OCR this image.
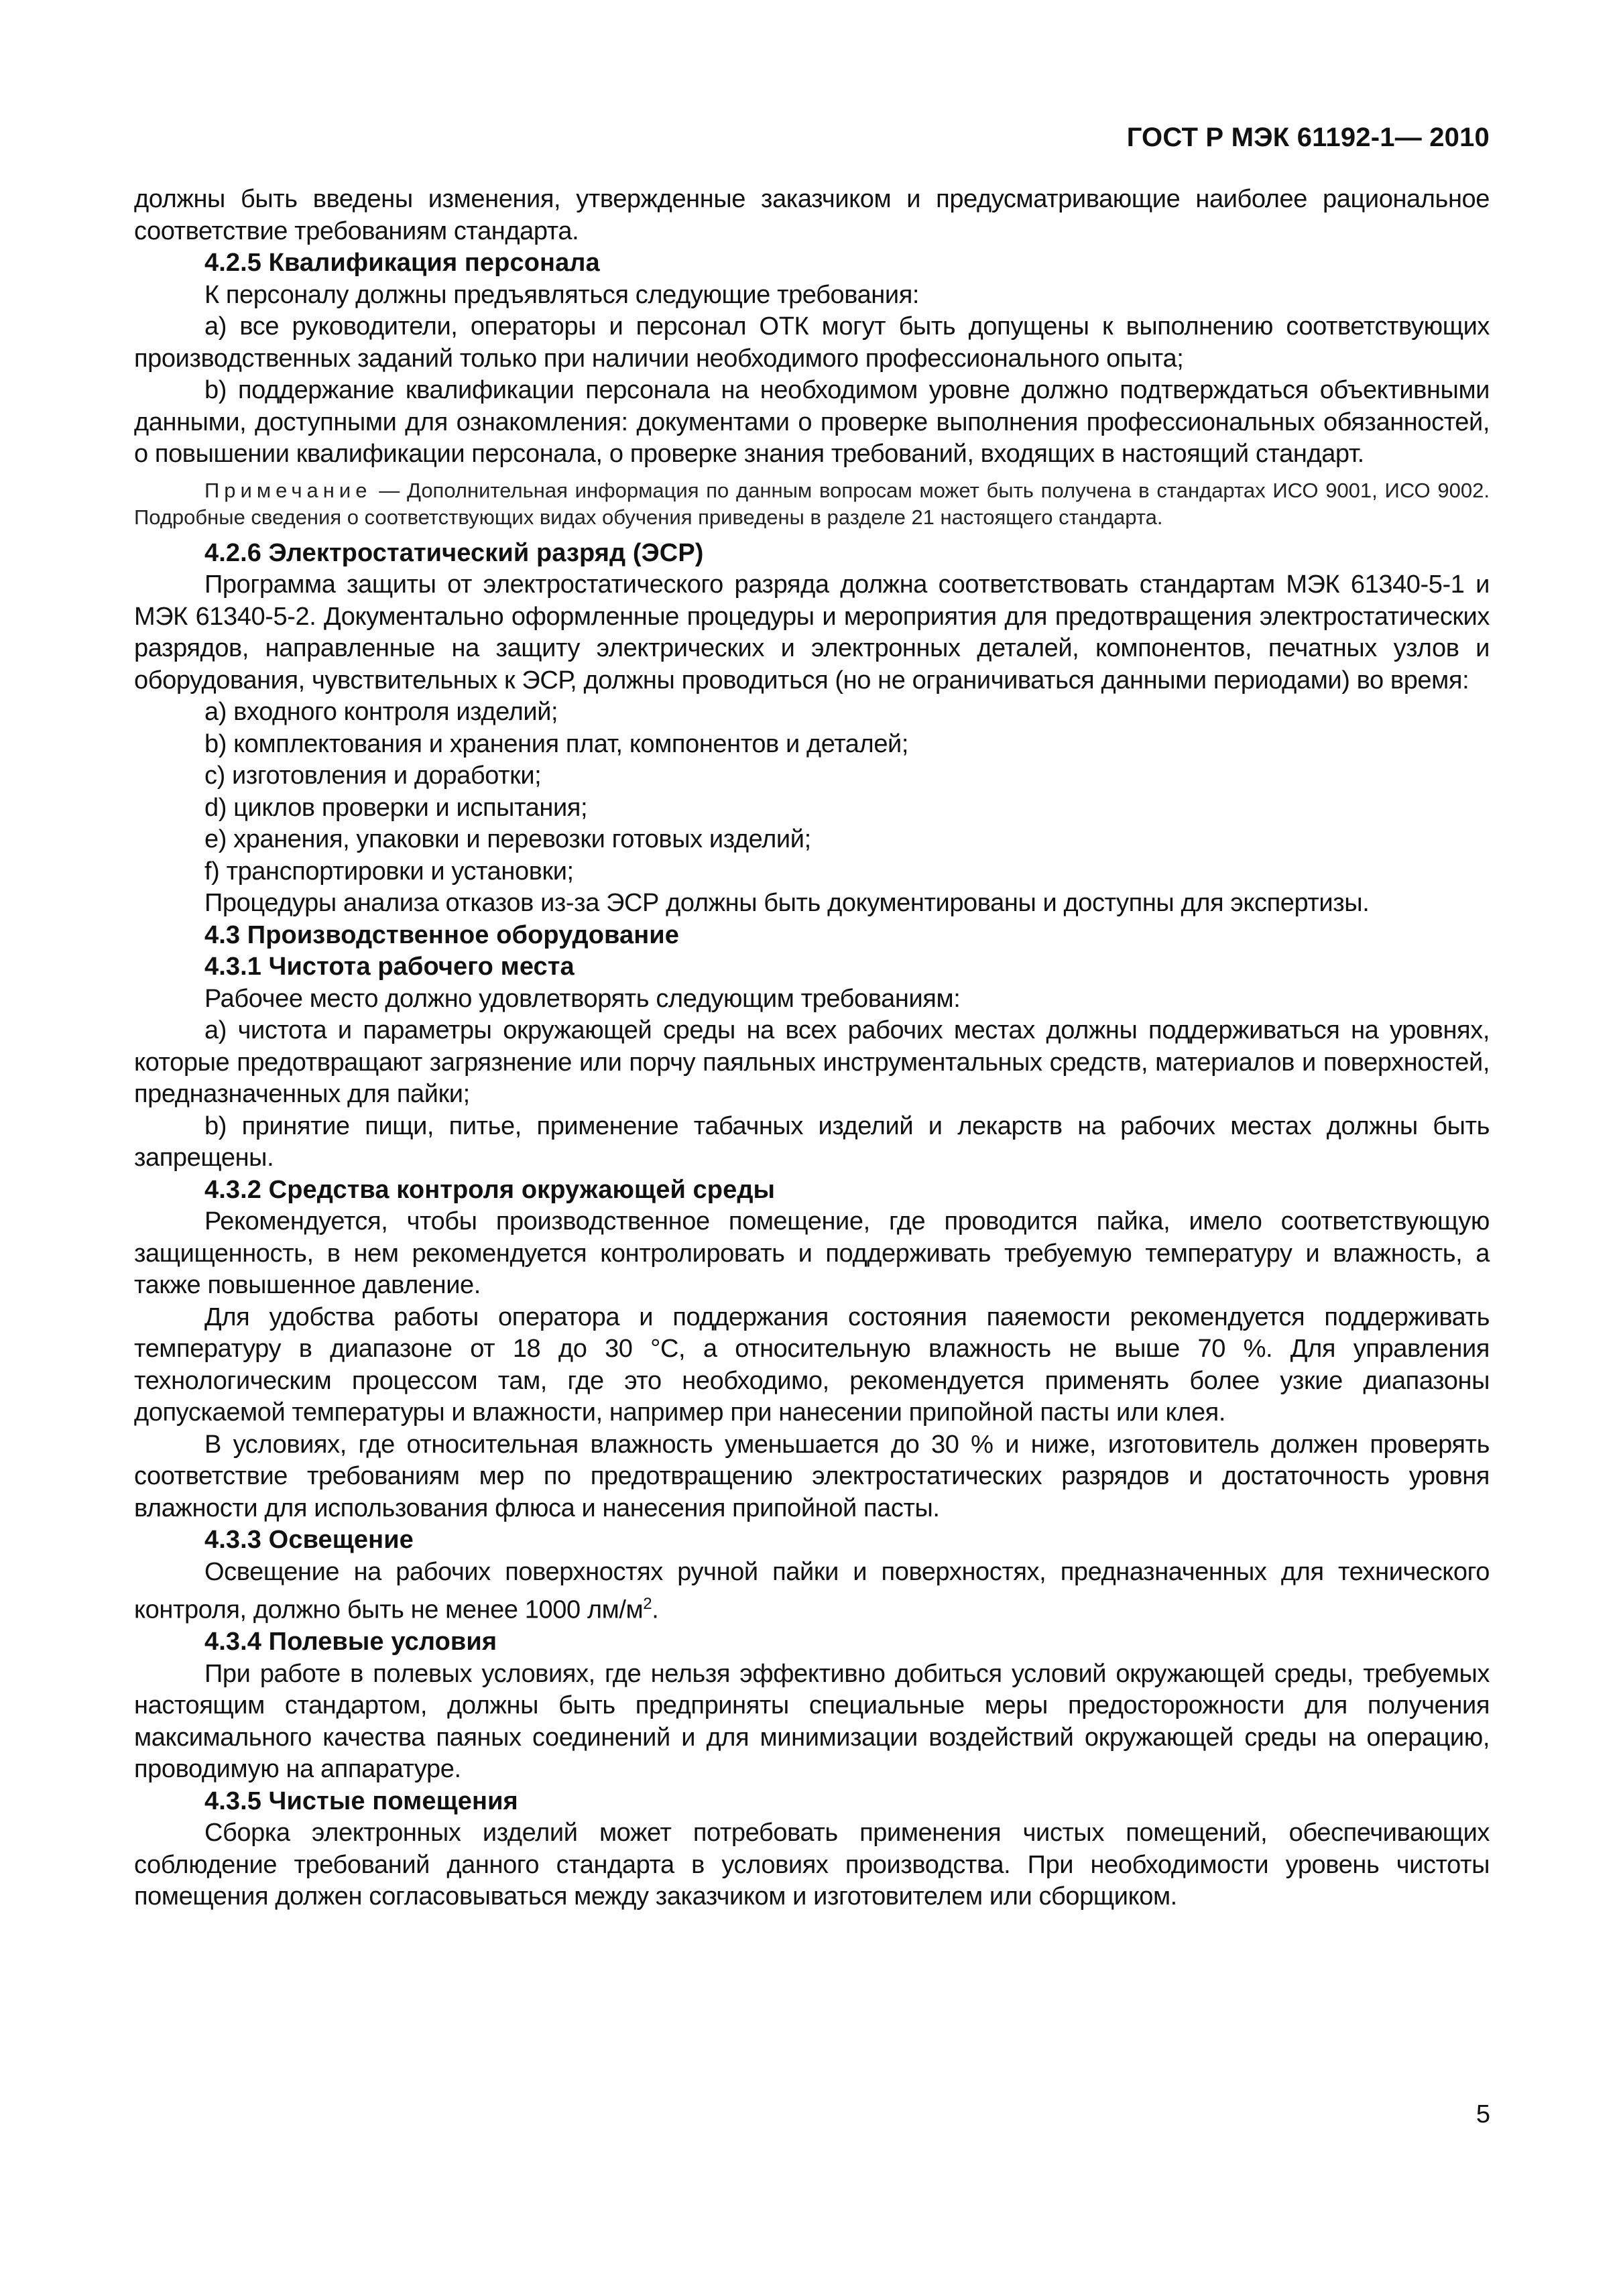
ГОСТ Р МЭК 61192-1— 2010

должны быть введены изменения, утвержденные заказчиком и предусматривающие наиболее рациональное соответствие требованиям стандарта.

4.2.5 Квалификация персонала

К персоналу должны предъявляться следующие требования:

а) все руководители, операторы и персонал ОТК могут быть допущены к выполнению соответствующих производственных заданий только при наличии необходимого профессионального опыта;

b) поддержание квалификации персонала на необходимом уровне должно подтверждаться объективными данными, доступными для ознакомления: документами о проверке выполнения профессиональных обязанностей, о повышении квалификации персонала, о проверке знания требований, входящих в настоящий стандарт.

Примечание — Дополнительная информация по данным вопросам может быть получена в стандартах ИСО 9001, ИСО 9002. Подробные сведения о соответствующих видах обучения приведены в разделе 21 настоящего стандарта.

4.2.6 Электростатический разряд (ЭСР)

Программа защиты от электростатического разряда должна соответствовать стандартам МЭК 61340-5-1 и МЭК 61340-5-2. Документально оформленные процедуры и мероприятия для предотвращения электростатических разрядов, направленные на защиту электрических и электронных деталей, компонентов, печатных узлов и оборудования, чувствительных к ЭСР, должны проводиться (но не ограничиваться данными периодами) во время:

а) входного контроля изделий;

b) комплектования и хранения плат, компонентов и деталей;

c) изготовления и доработки;

d) циклов проверки и испытания;

е) хранения, упаковки и перевозки готовых изделий;

f) транспортировки и установки;

Процедуры анализа отказов из-за ЭСР должны быть документированы и доступны для экспертизы.

4.3 Производственное оборудование

4.3.1 Чистота рабочего места

Рабочее место должно удовлетворять следующим требованиям:

а) чистота и параметры окружающей среды на всех рабочих местах должны поддерживаться на уровнях, которые предотвращают загрязнение или порчу паяльных инструментальных средств, материалов и поверхностей, предназначенных для пайки;

b) принятие пищи, питье, применение табачных изделий и лекарств на рабочих местах должны быть запрещены.

4.3.2 Средства контроля окружающей среды

Рекомендуется, чтобы производственное помещение, где проводится пайка, имело соответствующую защищенность, в нем рекомендуется контролировать и поддерживать требуемую температуру и влажность, а также повышенное давление.

Для удобства работы оператора и поддержания состояния паяемости рекомендуется поддерживать температуру в диапазоне от 18 до 30 °С, а относительную влажность не выше 70 %. Для управления технологическим процессом там, где это необходимо, рекомендуется применять более узкие диапазоны допускаемой температуры и влажности, например при нанесении припойной пасты или клея.

В условиях, где относительная влажность уменьшается до 30 % и ниже, изготовитель должен проверять соответствие требованиям мер по предотвращению электростатических разрядов и достаточность уровня влажности для использования флюса и нанесения припойной пасты.

4.3.3 Освещение

Освещение на рабочих поверхностях ручной пайки и поверхностях, предназначенных для технического контроля, должно быть не менее 1000 $лм/м^2$.

4.3.4 Полевые условия

При работе в полевых условиях, где нельзя эффективно добиться условий окружающей среды, требуемых настоящим стандартом, должны быть предприняты специальные меры предосторожности для получения максимального качества паяных соединений и для минимизации воздействий окружающей среды на операцию, проводимую на аппаратуре.

4.3.5 Чистые помещения

Сборка электронных изделий может потребовать применения чистых помещений, обеспечивающих соблюдение требований данного стандарта в условиях производства. При необходимости уровень чистоты помещения должен согласовываться между заказчиком и изготовителем или сборщиком.

5
